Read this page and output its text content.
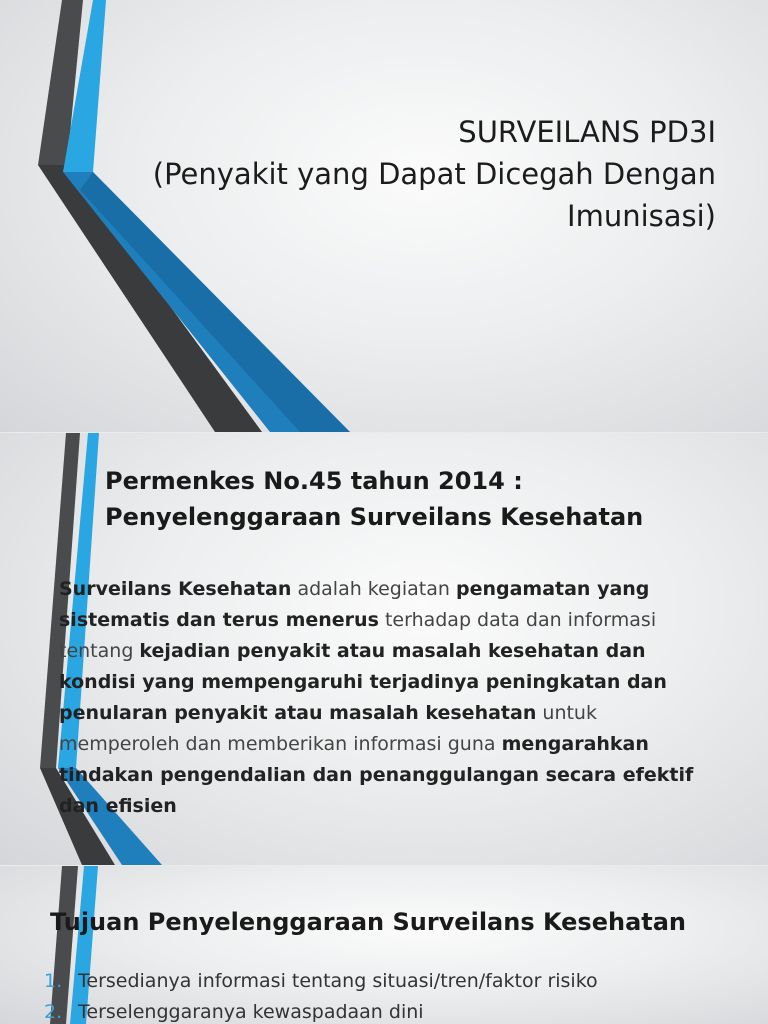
SURVEILANS PD3I
(Penyakit yang Dapat Dicegah Dengan
Imunisasi)
Permenkes No.45 tahun 2014 :
Penyelenggaraan Surveilans Kesehatan
Surveilans Kesehatan adalah kegiatan pengamatan yang sistematis dan terus menerus terhadap data dan informasi tentang kejadian penyakit atau masalah kesehatan dan kondisi yang mempengaruhi terjadinya peningkatan dan penularan penyakit atau masalah kesehatan untuk memperoleh dan memberikan informasi guna mengarahkan tindakan pengendalian dan penanggulangan secara efektif dan efisien
Tujuan Penyelenggaraan Surveilans Kesehatan
1. Tersedianya informasi tentang situasi/tren/faktor risiko
2. Terselenggaranya kewaspadaan dini
